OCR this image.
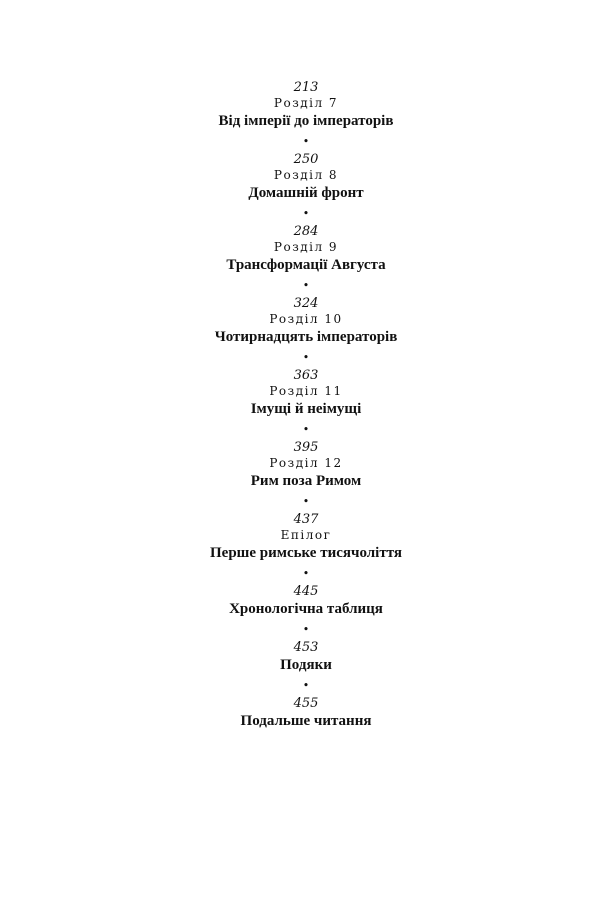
213
Розділ 7
Від імперії до імператорів
•
250
Розділ 8
Домашній фронт
•
284
Розділ 9
Трансформації Августа
•
324
Розділ 10
Чотирнадцять імператорів
•
363
Розділ 11
Імущі й неімущі
•
395
Розділ 12
Рим поза Римом
•
437
Епілог
Перше римське тисячоліття
•
445
Хронологічна таблиця
•
453
Подяки
•
455
Подальше читання
